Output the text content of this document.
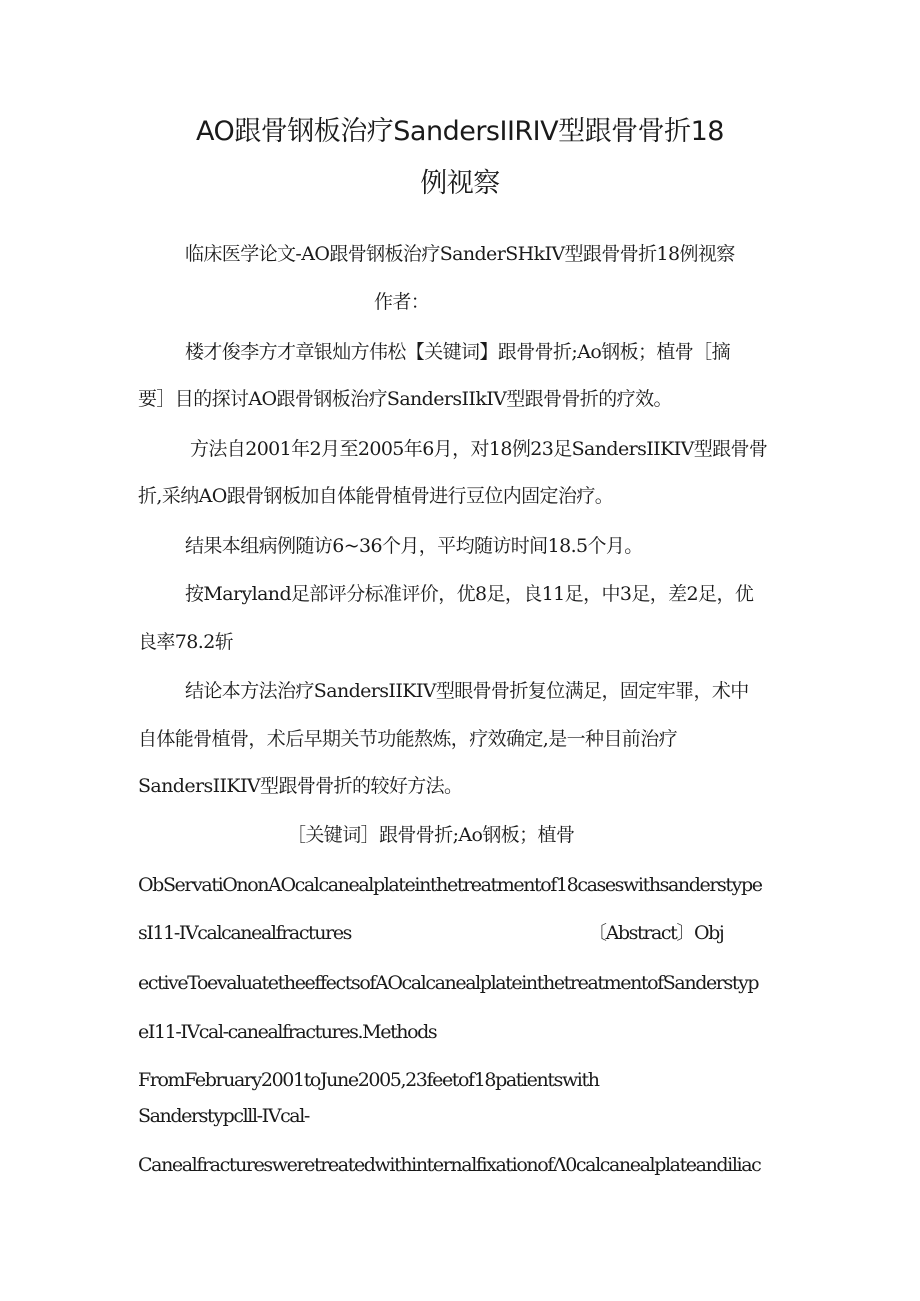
AO跟骨钢板治疗SandersIIRIV型跟骨骨折18
例视察
临床医学论文-AO跟骨钢板治疗SanderSHkIV型跟骨骨折18例视察
作者：
楼才俊李方才章银灿方伟松【关键词】跟骨骨折;Ao钢板；植骨［摘
要］目的探讨AO跟骨钢板治疗SandersIIkIV型跟骨骨折的疗效。
方法自2001年2月至2005年6月，对18例23足SandersIIKIV型跟骨骨
折,采纳AO跟骨钢板加自体能骨植骨进行豆位内固定治疗。
结果本组病例随访6~36个月，平均随访时间18.5个月。
按Maryland足部评分标准评价，优8足，良11足，中3足，差2足，优
良率78.2斩
结论本方法治疗SandersIIKIV型眼骨骨折复位满足，固定牢罪，术中
自体能骨植骨，术后早期关节功能熬炼，疗效确定,是一种目前治疗
SandersIIKIV型跟骨骨折的较好方法。
［关键词］跟骨骨折;Ao钢板；植骨
ObServatiOnonAOcalcanealplateinthetreatmentof18caseswithsanderstype
sI11-IVcalcanealfractures	〔Abstract〕Obj
ectiveToevaluatetheeffectsofAOcalcanealplateinthetreatmentofSanderstyp
eI11-IVcal-canealfractures.Methods
FromFebruary2001toJune2005,23feetof18patientswith
Sanderstypclll-IVcal-
CanealfracturesweretreatedwithinternalfixationofΛ0calcanealplateandiliac
